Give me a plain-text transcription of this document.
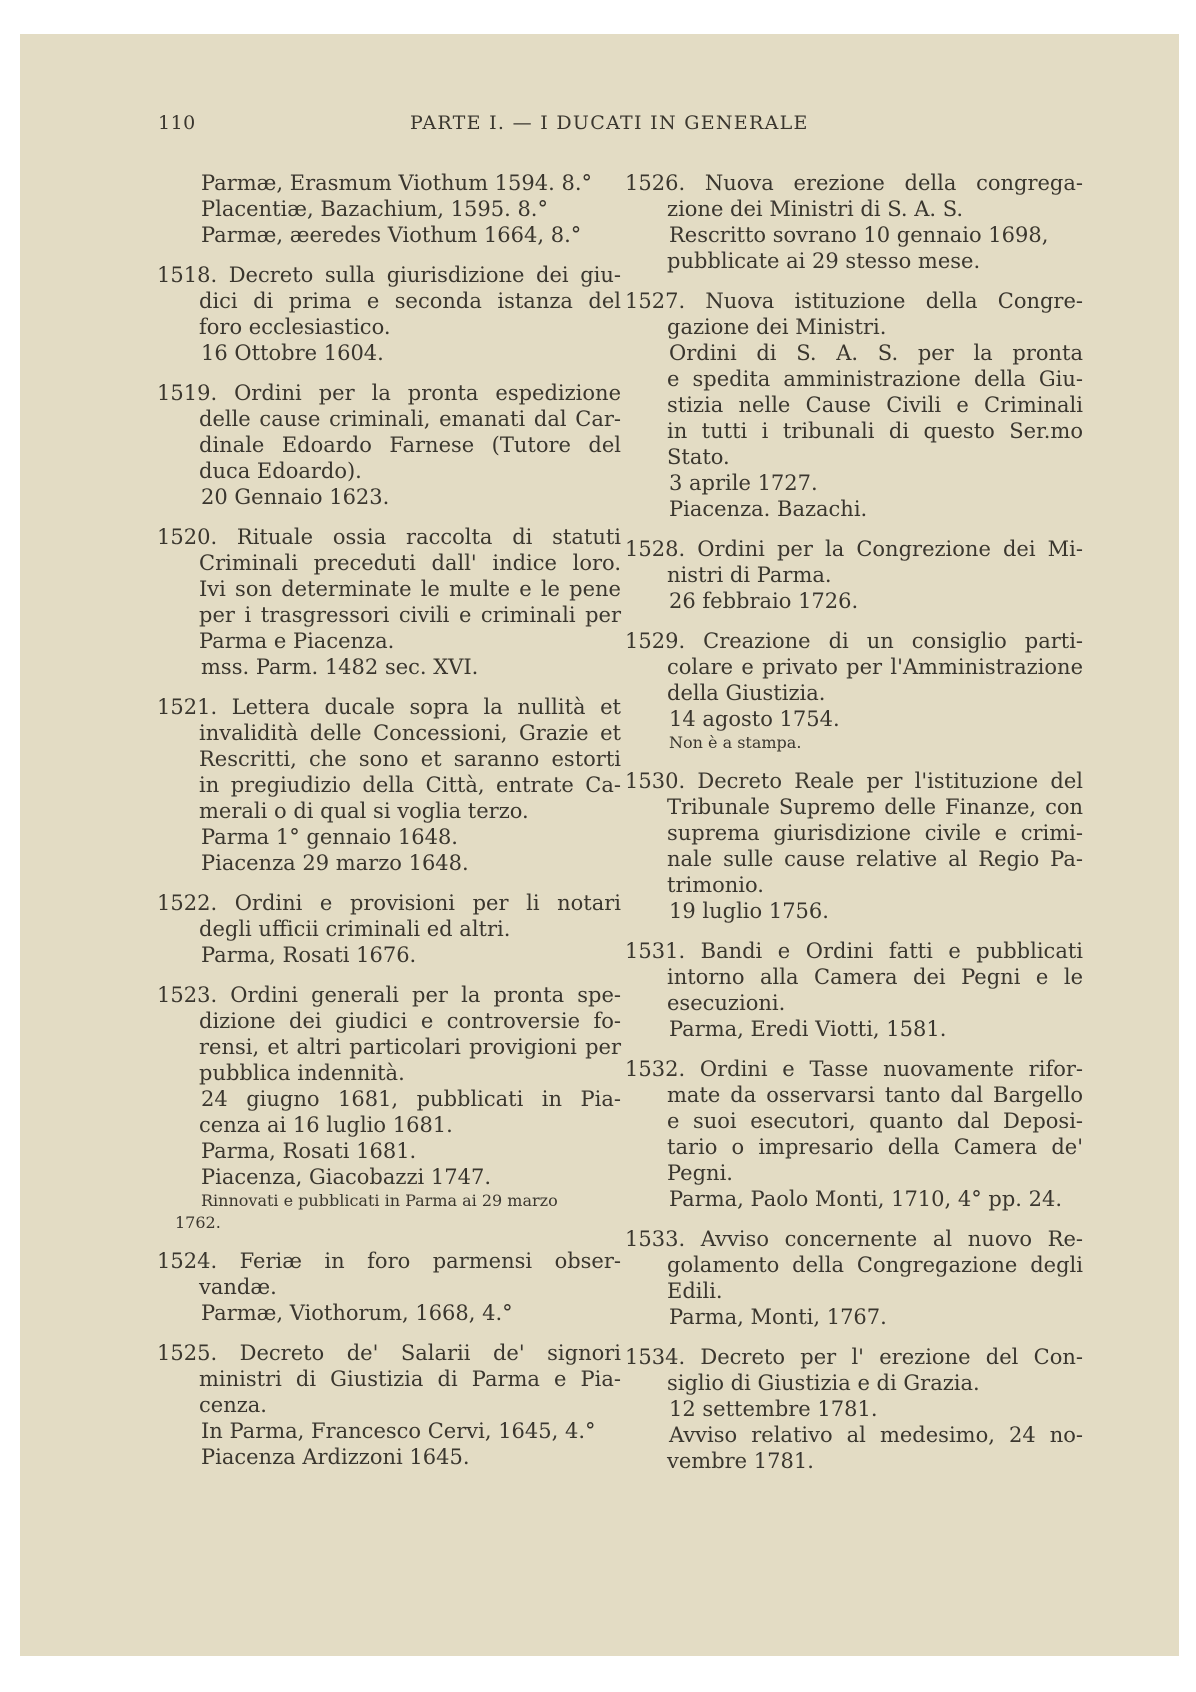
110	PARTE I. — I DUCATI IN GENERALE
Parmæ, Erasmum Viothum 1594. 8.°
Placentiæ, Bazachium, 1595. 8.°
Parmæ, æeredes Viothum 1664, 8.°
1518. Decreto sulla giurisdizione dei giu-
dici di prima e seconda istanza del
foro ecclesiastico.
16 Ottobre 1604.
1519. Ordini per la pronta espedizione
delle cause criminali, emanati dal Car-
dinale Edoardo Farnese (Tutore del
duca Edoardo).
20 Gennaio 1623.
1520. Rituale ossia raccolta di statuti
Criminali preceduti dall' indice loro.
Ivi son determinate le multe e le pene
per i trasgressori civili e criminali per
Parma e Piacenza.
mss. Parm. 1482 sec. XVI.
1521. Lettera ducale sopra la nullità et
invalidità delle Concessioni, Grazie et
Rescritti, che sono et saranno estorti
in pregiudizio della Città, entrate Ca-
merali o di qual si voglia terzo.
Parma 1° gennaio 1648.
Piacenza 29 marzo 1648.
1522. Ordini e provisioni per li notari
degli ufficii criminali ed altri.
Parma, Rosati 1676.
1523. Ordini generali per la pronta spe-
dizione dei giudici e controversie fo-
rensi, et altri particolari provigioni per
pubblica indennità.
24 giugno 1681, pubblicati in Pia-
cenza ai 16 luglio 1681.
Parma, Rosati 1681.
Piacenza, Giacobazzi 1747.
Rinnovati e pubblicati in Parma ai 29 marzo
1762.
1524. Feriæ in foro parmensi obser-
vandæ.
Parmæ, Viothorum, 1668, 4.°
1525. Decreto de' Salarii de' signori
ministri di Giustizia di Parma e Pia-
cenza.
In Parma, Francesco Cervi, 1645, 4.°
Piacenza Ardizzoni 1645.
1526. Nuova erezione della congrega-
zione dei Ministri di S. A. S.
Rescritto sovrano 10 gennaio 1698,
pubblicate ai 29 stesso mese.
1527. Nuova istituzione della Congre-
gazione dei Ministri.
Ordini di S. A. S. per la pronta
e spedita amministrazione della Giu-
stizia nelle Cause Civili e Criminali
in tutti i tribunali di questo Ser.mo
Stato.
3 aprile 1727.
Piacenza. Bazachi.
1528. Ordini per la Congrezione dei Mi-
nistri di Parma.
26 febbraio 1726.
1529. Creazione di un consiglio parti-
colare e privato per l'Amministrazione
della Giustizia.
14 agosto 1754.
Non è a stampa.
1530. Decreto Reale per l'istituzione del
Tribunale Supremo delle Finanze, con
suprema giurisdizione civile e crimi-
nale sulle cause relative al Regio Pa-
trimonio.
19 luglio 1756.
1531. Bandi e Ordini fatti e pubblicati
intorno alla Camera dei Pegni e le
esecuzioni.
Parma, Eredi Viotti, 1581.
1532. Ordini e Tasse nuovamente rifor-
mate da osservarsi tanto dal Bargello
e suoi esecutori, quanto dal Deposi-
tario o impresario della Camera de'
Pegni.
Parma, Paolo Monti, 1710, 4° pp. 24.
1533. Avviso concernente al nuovo Re-
golamento della Congregazione degli
Edili.
Parma, Monti, 1767.
1534. Decreto per l' erezione del Con-
siglio di Giustizia e di Grazia.
12 settembre 1781.
Avviso relativo al medesimo, 24 no-
vembre 1781.
